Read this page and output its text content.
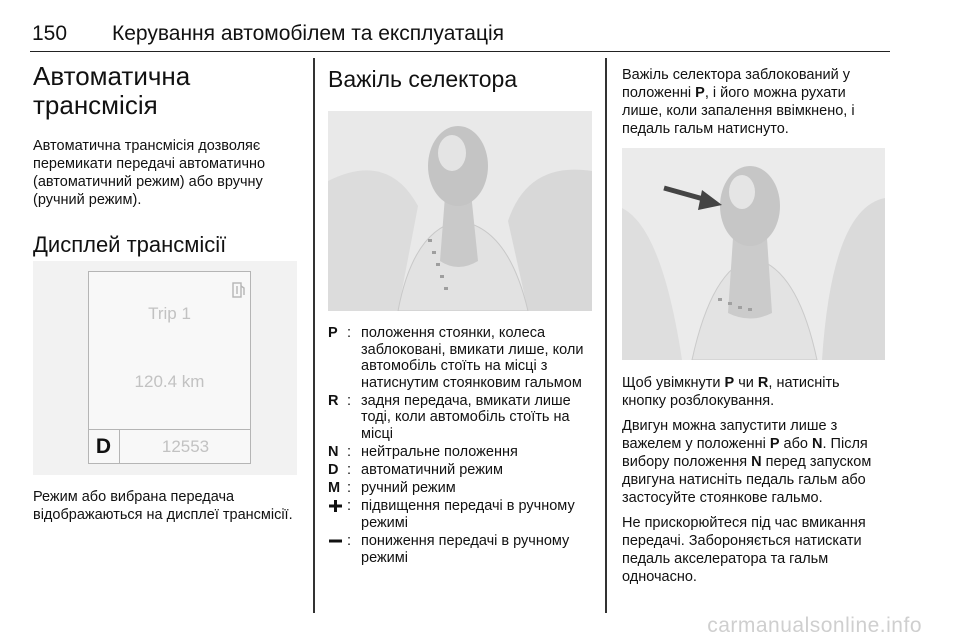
150 Керування автомобілем та експлуатація
Автоматична трансмісія

Автоматична трансмісія дозволяє перемикати передачі автоматично (автоматичний режим) або вручну (ручний режим).

Дисплей трансмісії
Trip 1
120.4 km
D	12553

Режим або вибрана передача відображаються на дисплеї трансмісії.

Важіль селектора
P : положення стоянки, колеса заблоковані, вмикати лише, коли автомобіль стоїть на місці з натиснутим стоянковим гальмом
R : задня передача, вмикати лише тоді, коли автомобіль стоїть на місці
N : нейтральне положення
D : автоматичний режим
M : ручний режим
: підвищення передачі в ручному режимі
: пониження передачі в ручному режимі

Важіль селектора заблокований у положенні P, і його можна рухати лише, коли запалення ввімкнено, і педаль гальм натиснуто.

Щоб увімкнути P чи R, натисніть кнопку розблокування.

Двигун можна запустити лише з важелем у положенні P або N. Після вибору положення N перед запуском двигуна натисніть педаль гальм або застосуйте стоянкове гальмо.

Не прискорюйтеся під час вмикання передачі. Забороняється натискати педаль акселератора та гальм одночасно.

carmanualsonline.info
